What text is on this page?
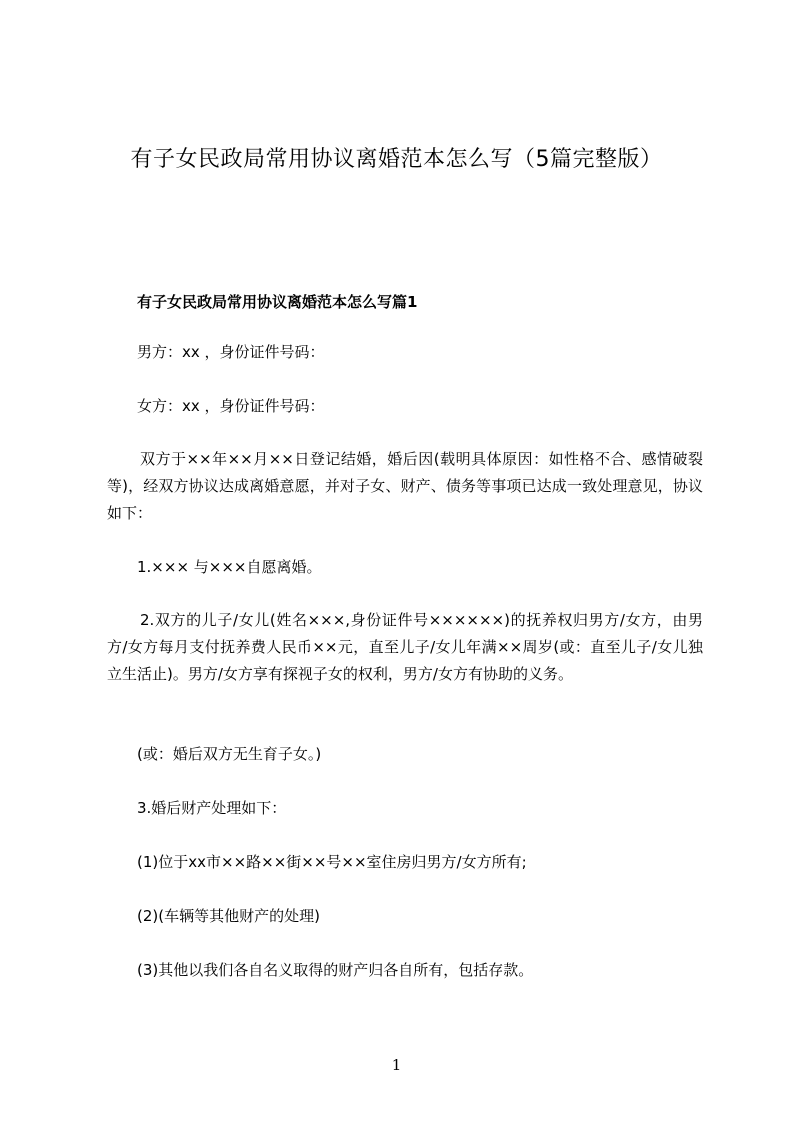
有子女民政局常用协议离婚范本怎么写（5篇完整版）
有子女民政局常用协议离婚范本怎么写篇1
男方：xx ，身份证件号码：
女方：xx ，身份证件号码：

双方于××年××月××日登记结婚，婚后因(载明具体原因：如性格不合、感情破裂等)，经双方协议达成离婚意愿，并对子女、财产、债务等事项已达成一致处理意见，协议如下：

1.××× 与×××自愿离婚。

2.双方的儿子/女儿(姓名×××,身份证件号××××××)的抚养权归男方/女方，由男方/女方每月支付抚养费人民币××元，直至儿子/女儿年满××周岁(或：直至儿子/女儿独立生活止)。男方/女方享有探视子女的权利，男方/女方有协助的义务。

(或：婚后双方无生育子女。)
3.婚后财产处理如下：
(1)位于xx市××路××街××号××室住房归男方/女方所有;
(2)(车辆等其他财产的处理)
(3)其他以我们各自名义取得的财产归各自所有，包括存款。
1
